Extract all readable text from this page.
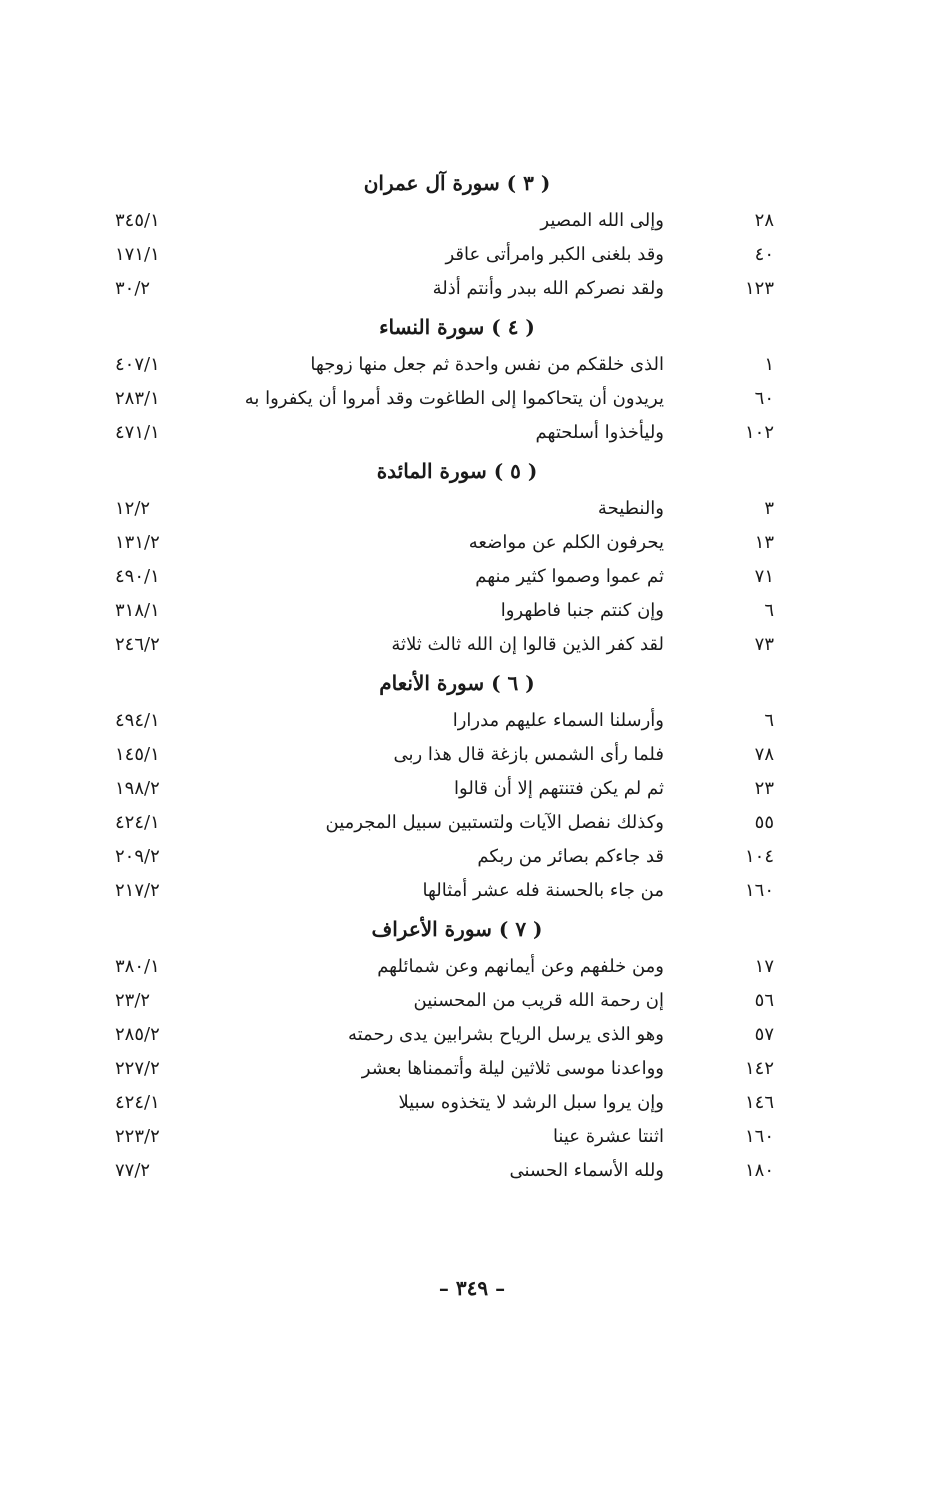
( ٣ ) سورة آل عمران
٢٨
وإلى الله المصير
٣٤٥/١
٤٠
وقد بلغنى الكبر وامرأتى عاقر
١٧١/١
١٢٣
ولقد نصركم الله ببدر وأنتم أذلة
٣٠/٢
( ٤ ) سورة النساء
١
الذى خلقكم من نفس واحدة ثم جعل منها زوجها
٤٠٧/١
٦٠
يريدون أن يتحاكموا إلى الطاغوت وقد أمروا أن يكفروا به
٢٨٣/١
١٠٢
وليأخذوا أسلحتهم
٤٧١/١
( ٥ ) سورة المائدة
٣
والنطيحة
١٢/٢
١٣
يحرفون الكلم عن مواضعه
١٣١/٢
٧١
ثم عموا وصموا كثير منهم
٤٩٠/١
٦
وإن كنتم جنبا فاطهروا
٣١٨/١
٧٣
لقد كفر الذين قالوا إن الله ثالث ثلاثة
٢٤٦/٢
( ٦ ) سورة الأنعام
٦
وأرسلنا السماء عليهم مدرارا
٤٩٤/١
٧٨
فلما رأى الشمس بازغة قال هذا ربى
١٤٥/١
٢٣
ثم لم يكن فتنتهم إلا أن قالوا
١٩٨/٢
٥٥
وكذلك نفصل الآيات ولتستبين سبيل المجرمين
٤٢٤/١
١٠٤
قد جاءكم بصائر من ربكم
٢٠٩/٢
١٦٠
من جاء بالحسنة فله عشر أمثالها
٢١٧/٢
( ٧ ) سورة الأعراف
١٧
ومن خلفهم وعن أيمانهم وعن شمائلهم
٣٨٠/١
٥٦
إن رحمة الله قريب من المحسنين
٢٣/٢
٥٧
وهو الذى يرسل الرياح بشرابين يدى رحمته
٢٨٥/٢
١٤٢
وواعدنا موسى ثلاثين ليلة وأتممناها بعشر
٢٢٧/٢
١٤٦
وإن يروا سبل الرشد لا يتخذوه سبيلا
٤٢٤/١
١٦٠
اثنتا عشرة عينا
٢٢٣/٢
١٨٠
ولله الأسماء الحسنى
٧٧/٢
– ٣٤٩ –
